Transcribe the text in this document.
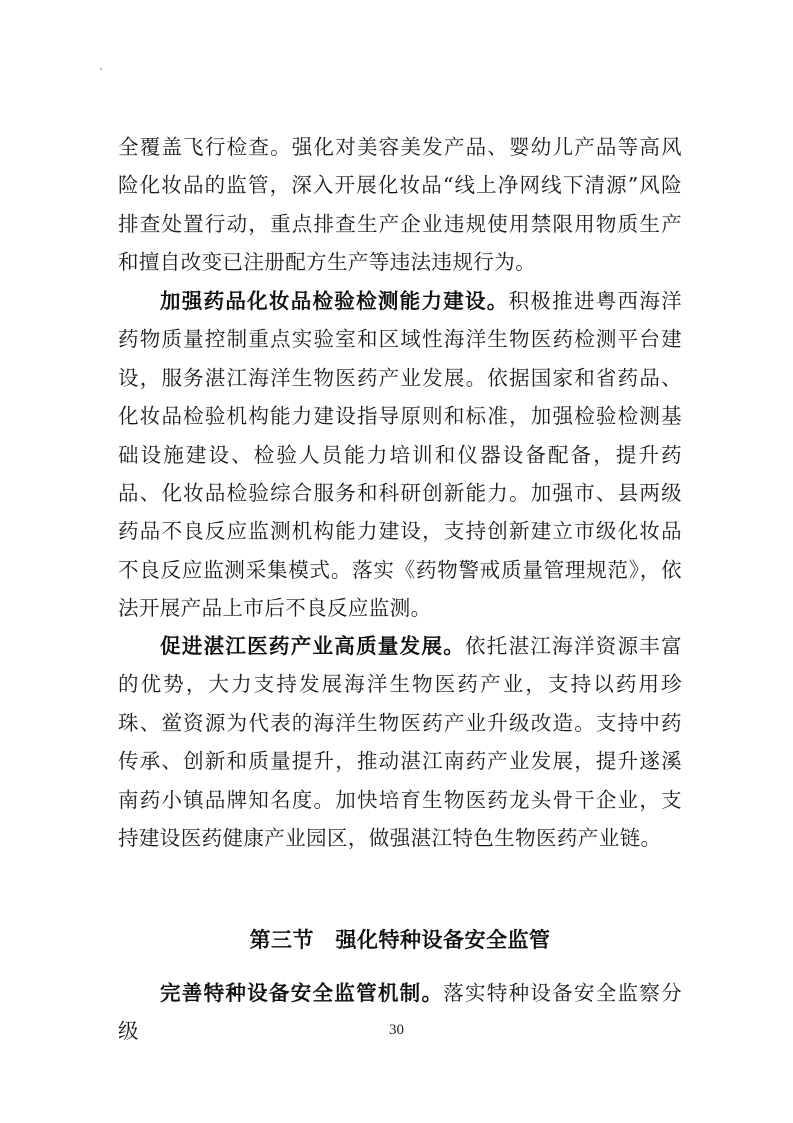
全覆盖飞行检查。强化对美容美发产品、婴幼儿产品等高风险化妆品的监管，深入开展化妆品“线上净网线下清源”风险排查处置行动，重点排查生产企业违规使用禁限用物质生产和擅自改变已注册配方生产等违法违规行为。

加强药品化妆品检验检测能力建设。积极推进粤西海洋药物质量控制重点实验室和区域性海洋生物医药检测平台建设，服务湛江海洋生物医药产业发展。依据国家和省药品、化妆品检验机构能力建设指导原则和标准，加强检验检测基础设施建设、检验人员能力培训和仪器设备配备，提升药品、化妆品检验综合服务和科研创新能力。加强市、县两级药品不良反应监测机构能力建设，支持创新建立市级化妆品不良反应监测采集模式。落实《药物警戒质量管理规范》，依法开展产品上市后不良反应监测。

促进湛江医药产业高质量发展。依托湛江海洋资源丰富的优势，大力支持发展海洋生物医药产业，支持以药用珍珠、鲎资源为代表的海洋生物医药产业升级改造。支持中药传承、创新和质量提升，推动湛江南药产业发展，提升遂溪南药小镇品牌知名度。加快培育生物医药龙头骨干企业，支持建设医药健康产业园区，做强湛江特色生物医药产业链。

第三节　强化特种设备安全监管

完善特种设备安全监管机制。落实特种设备安全监察分级	30
